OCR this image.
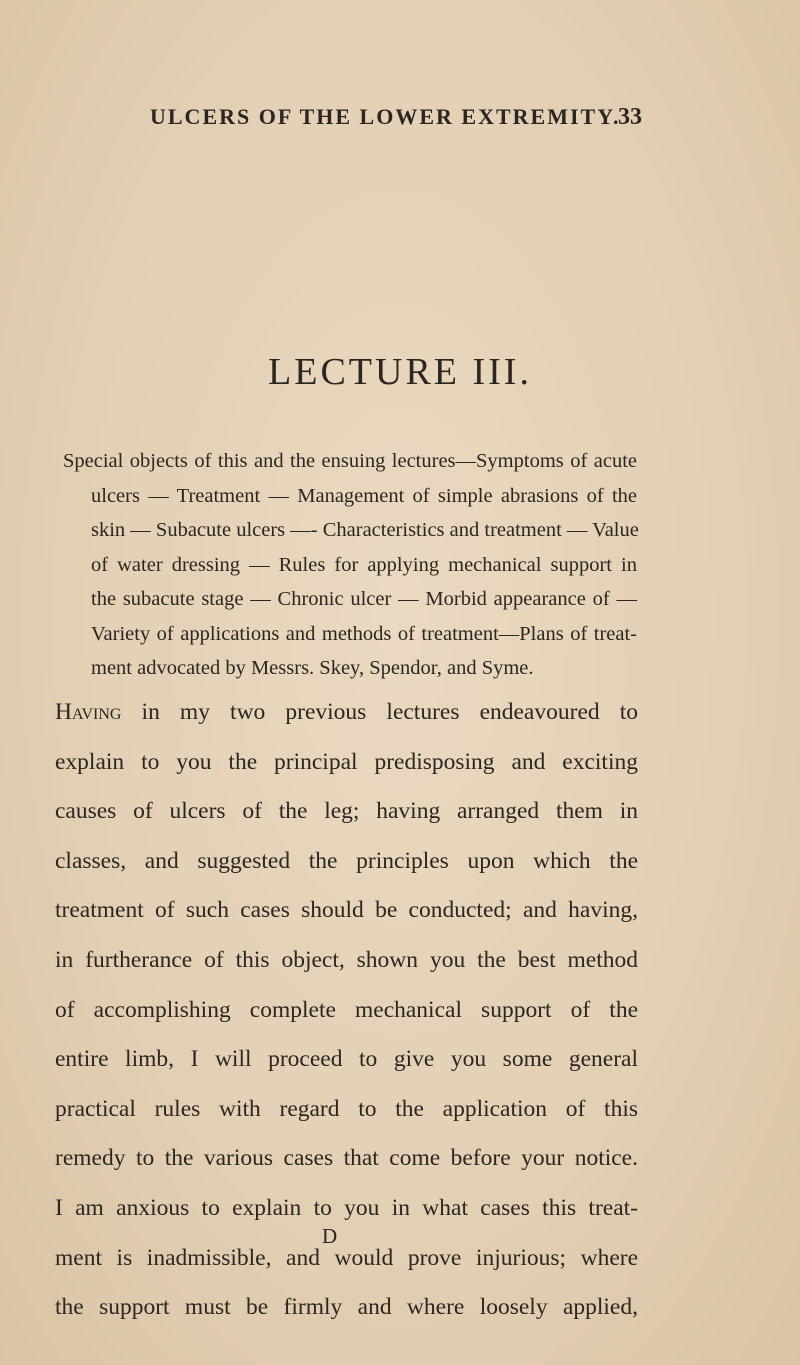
ULCERS OF THE LOWER EXTREMITY.
33
LECTURE III.
Special objects of this and the ensuing lectures—Symptoms of acute
ulcers — Treatment — Management of simple abrasions of the
skin — Subacute ulcers —- Characteristics and treatment — Value
of water dressing — Rules for applying mechanical support in
the subacute stage — Chronic ulcer — Morbid appearance of —
Variety of applications and methods of treatment—Plans of treat-
ment advocated by Messrs. Skey, Spendor, and Syme.
Having in my two previous lectures endeavoured to
explain to you the principal predisposing and exciting
causes of ulcers of the leg; having arranged them in
classes, and suggested the principles upon which the
treatment of such cases should be conducted; and having,
in furtherance of this object, shown you the best method
of accomplishing complete mechanical support of the
entire limb, I will proceed to give you some general
practical rules with regard to the application of this
remedy to the various cases that come before your notice.
I am anxious to explain to you in what cases this treat-
ment is inadmissible, and would prove injurious; where
the support must be firmly and where loosely applied,
D
